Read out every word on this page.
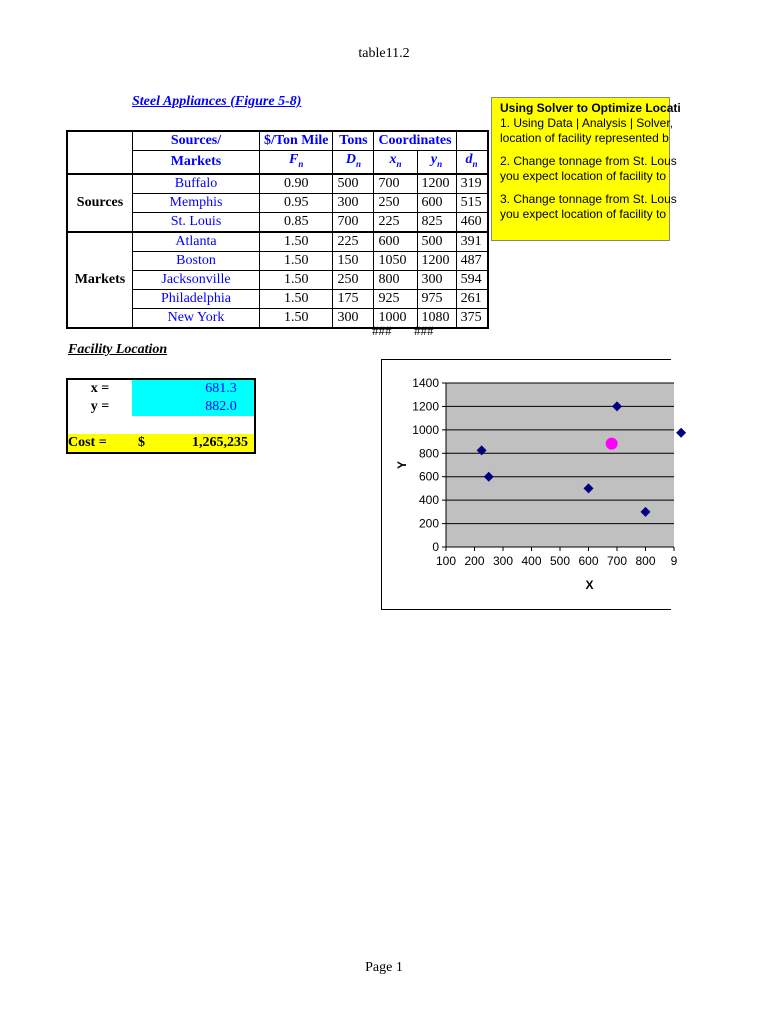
table11.2
Steel Appliances (Figure 5-8)
	Sources/	$/Ton Mile	Tons	Coordinates		
	Markets	$F_n$	$D_n$	$x_n$	$y_n$	$d_n$
Sources	Buffalo	0.90	500	700	1200	319
	Memphis	0.95	300	250	600	515
	St. Louis	0.85	700	225	825	460
Markets	Atlanta	1.50	225	600	500	391
	Boston	1.50	150	1050	1200	487
	Jacksonville	1.50	250	800	300	594
	Philadelphia	1.50	175	925	975	261
	New York	1.50	300	1000	1080	375
### ###

Using Solver to Optimize Locati

1. Using Data | Analysis | Solver,

location of facility represented b

2. Change tonnage from St. Lous

you expect location of facility to

3. Change tonnage from St. Lous

you expect location of facility to

Facility Location
x =		681.3	
y =		882.0	

Cost =	$	1,265,235	
0
200
400
600
800
1000
1200
1400
100 200 300 400 500 600 700 800 9
X
Y
Page 1
